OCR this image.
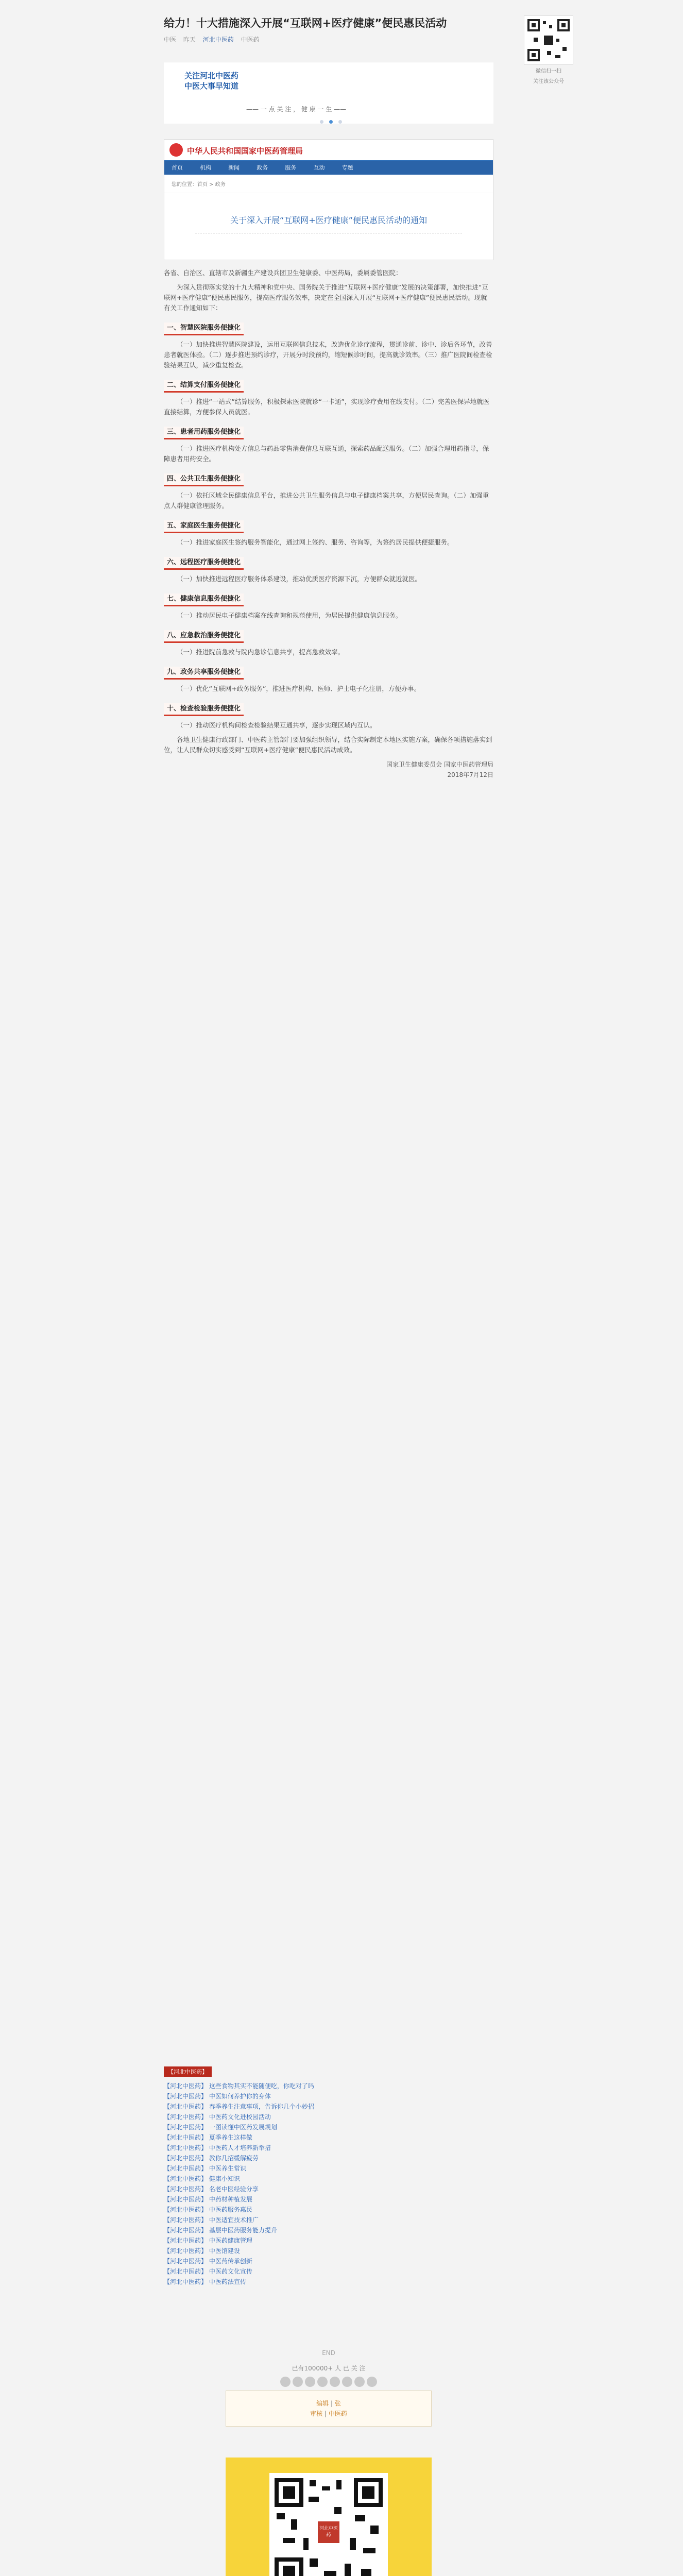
给力！十大措施深入开展“互联网+医疗健康”便民惠民活动
中医 昨天 河北中医药 中医药
微信扫一扫
关注该公众号
关注河北中医药
中医大事早知道
—— 一 点 关 注 ， 健 康 一 生 ——

中华人民共和国国家中医药管理局
首页	机构	新闻	政务	服务	互动	专题
您的位置：首页 > 政务
关于深入开展“互联网+医疗健康”便民惠民活动的通知

各省、自治区、直辖市及新疆生产建设兵团卫生健康委、中医药局，委属委管医院：

为深入贯彻落实党的十九大精神和党中央、国务院关于推进“互联网+医疗健康”发展的决策部署，加快推进“互联网+医疗健康”便民惠民服务，提高医疗服务效率，决定在全国深入开展“互联网+医疗健康”便民惠民活动。现就有关工作通知如下：

一、智慧医院服务便捷化

（一）加快推进智慧医院建设，运用互联网信息技术，改造优化诊疗流程，贯通诊前、诊中、诊后各环节，改善患者就医体验。（二）逐步推进预约诊疗，开展分时段预约，缩短候诊时间，提高就诊效率。（三）推广医院间检查检验结果互认，减少重复检查。

二、结算支付服务便捷化

（一）推进“一站式”结算服务，积极探索医院就诊“一卡通”，实现诊疗费用在线支付。（二）完善医保异地就医直接结算，方便参保人员就医。

三、患者用药服务便捷化

（一）推进医疗机构处方信息与药品零售消费信息互联互通，探索药品配送服务。（二）加强合理用药指导，保障患者用药安全。

四、公共卫生服务便捷化

（一）依托区域全民健康信息平台，推进公共卫生服务信息与电子健康档案共享，方便居民查询。（二）加强重点人群健康管理服务。

五、家庭医生服务便捷化

（一）推进家庭医生签约服务智能化，通过网上签约、服务、咨询等，为签约居民提供便捷服务。

六、远程医疗服务便捷化

（一）加快推进远程医疗服务体系建设，推动优质医疗资源下沉，方便群众就近就医。

七、健康信息服务便捷化

（一）推动居民电子健康档案在线查询和规范使用，为居民提供健康信息服务。

八、应急救治服务便捷化

（一）推进院前急救与院内急诊信息共享，提高急救效率。

九、政务共享服务便捷化

（一）优化“互联网+政务服务”，推进医疗机构、医师、护士电子化注册，方便办事。

十、检查检验服务便捷化

（一）推动医疗机构间检查检验结果互通共享，逐步实现区域内互认。

各地卫生健康行政部门、中医药主管部门要加强组织领导，结合实际制定本地区实施方案，确保各项措施落实到位，让人民群众切实感受到“互联网+医疗健康”便民惠民活动成效。

国家卫生健康委员会 国家中医药管理局
2018年7月12日
【河北中医药】
【河北中医药】 这些食物其实不能随便吃，你吃对了吗
【河北中医药】 中医如何养护你的身体
【河北中医药】 春季养生注意事项，告诉你几个小妙招
【河北中医药】 中医药文化进校园活动
【河北中医药】 一图读懂中医药发展规划
【河北中医药】 夏季养生这样做
【河北中医药】 中医药人才培养新举措
【河北中医药】 教你几招缓解疲劳
【河北中医药】 中医养生常识
【河北中医药】 健康小知识
【河北中医药】 名老中医经验分享
【河北中医药】 中药材种植发展
【河北中医药】 中医药服务惠民
【河北中医药】 中医适宜技术推广
【河北中医药】 基层中医药服务能力提升
【河北中医药】 中医药健康管理
【河北中医药】 中医馆建设
【河北中医药】 中医药传承创新
【河北中医药】 中医药文化宣传
【河北中医药】 中医药法宣传
END
已有100000+ 人 已 关 注
编辑 | 张
审核 | 中医药
河北中医药
